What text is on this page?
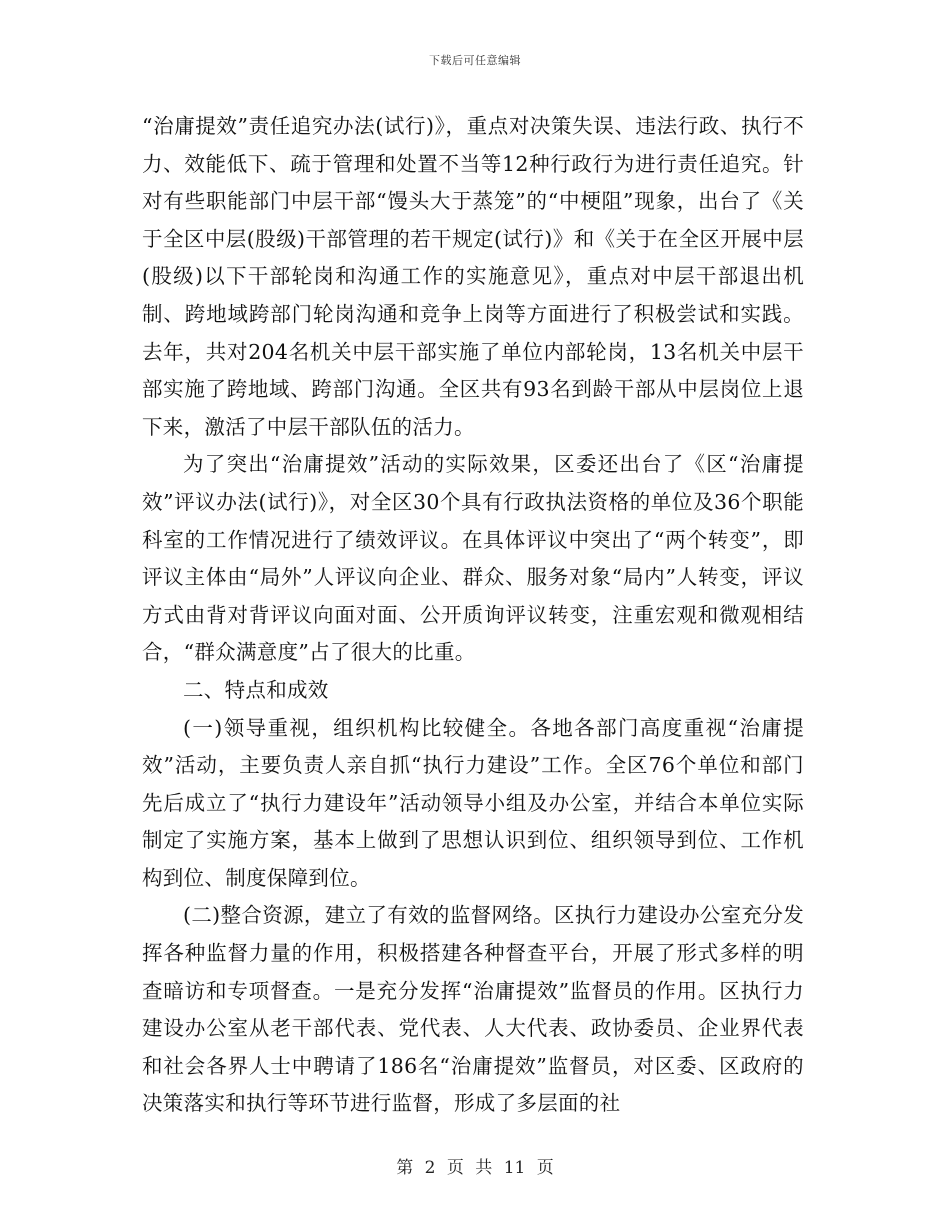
下载后可任意编辑

“治庸提效”责任追究办法(试行)》，重点对决策失误、违法行政、执行不力、效能低下、疏于管理和处置不当等12种行政行为进行责任追究。针对有些职能部门中层干部“馒头大于蒸笼”的“中梗阻”现象，出台了《关于全区中层(股级)干部管理的若干规定(试行)》和《关于在全区开展中层(股级)以下干部轮岗和沟通工作的实施意见》，重点对中层干部退出机制、跨地域跨部门轮岗沟通和竞争上岗等方面进行了积极尝试和实践。去年，共对204名机关中层干部实施了单位内部轮岗，13名机关中层干部实施了跨地域、跨部门沟通。全区共有93名到龄干部从中层岗位上退下来，激活了中层干部队伍的活力。

为了突出“治庸提效”活动的实际效果，区委还出台了《区“治庸提效”评议办法(试行)》，对全区30个具有行政执法资格的单位及36个职能科室的工作情况进行了绩效评议。在具体评议中突出了“两个转变”，即评议主体由“局外”人评议向企业、群众、服务对象“局内”人转变，评议方式由背对背评议向面对面、公开质询评议转变，注重宏观和微观相结合，“群众满意度”占了很大的比重。

二、特点和成效

(一)领导重视，组织机构比较健全。各地各部门高度重视“治庸提效”活动，主要负责人亲自抓“执行力建设”工作。全区76个单位和部门先后成立了“执行力建设年”活动领导小组及办公室，并结合本单位实际制定了实施方案，基本上做到了思想认识到位、组织领导到位、工作机构到位、制度保障到位。

(二)整合资源，建立了有效的监督网络。区执行力建设办公室充分发挥各种监督力量的作用，积极搭建各种督查平台，开展了形式多样的明查暗访和专项督查。一是充分发挥“治庸提效”监督员的作用。区执行力建设办公室从老干部代表、党代表、人大代表、政协委员、企业界代表和社会各界人士中聘请了186名“治庸提效”监督员，对区委、区政府的决策落实和执行等环节进行监督，形成了多层面的社

第 2 页 共 11 页
